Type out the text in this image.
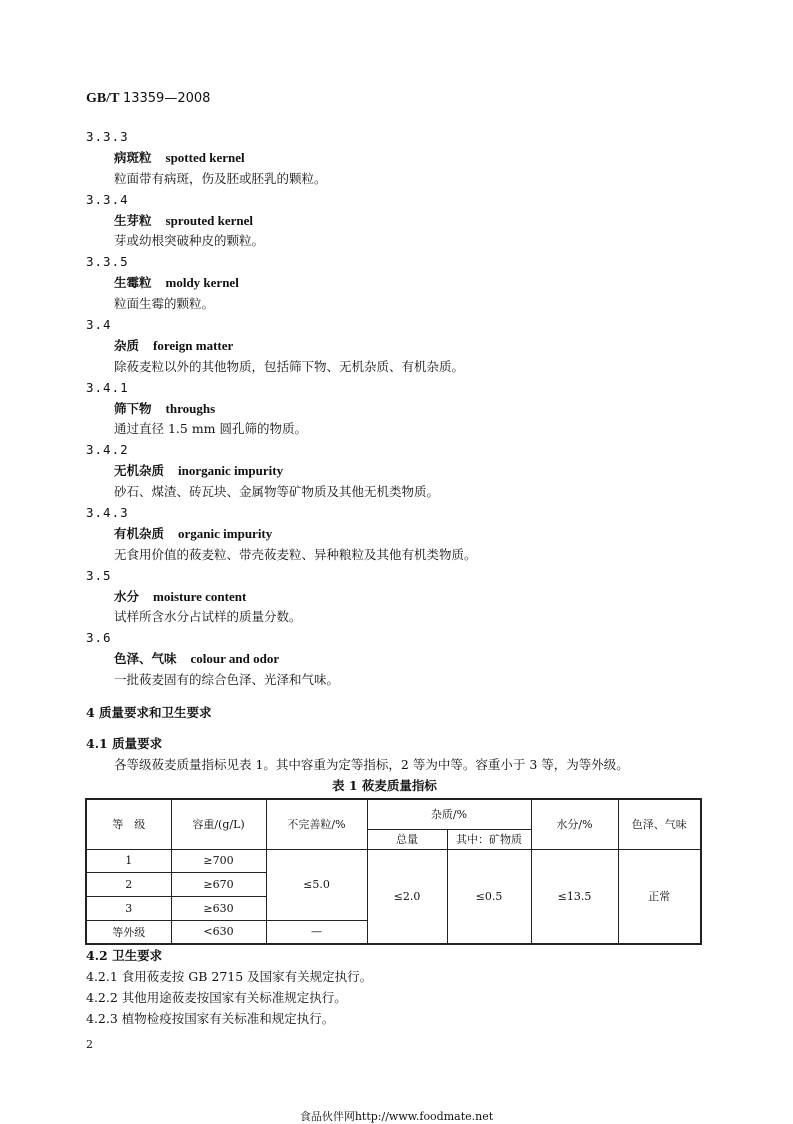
GB/T 13359—2008
3.3.3
病斑粒 spotted kernel
粒面带有病斑，伤及胚或胚乳的颗粒。
3.3.4
生芽粒 sprouted kernel
芽或幼根突破种皮的颗粒。
3.3.5
生霉粒 moldy kernel
粒面生霉的颗粒。
3.4
杂质 foreign matter
除莜麦粒以外的其他物质，包括筛下物、无机杂质、有机杂质。
3.4.1
筛下物 throughs
通过直径 1.5 mm 圆孔筛的物质。
3.4.2
无机杂质 inorganic impurity
砂石、煤渣、砖瓦块、金属物等矿物质及其他无机类物质。
3.4.3
有机杂质 organic impurity
无食用价值的莜麦粒、带壳莜麦粒、异种粮粒及其他有机类物质。
3.5
水分 moisture content
试样所含水分占试样的质量分数。
3.6
色泽、气味 colour and odor
一批莜麦固有的综合色泽、光泽和气味。
4 质量要求和卫生要求
4.1 质量要求
各等级莜麦质量指标见表 1。其中容重为定等指标，2 等为中等。容重小于 3 等，为等外级。
表 1 莜麦质量指标
等　级	容重/(g/L)	不完善粒/%	杂质/%		水分/%	色泽、气味
			总量	其中：矿物质		
1	≥700	≤5.0	≤2.0	≤0.5	≤13.5	正常
2	≥670					
3	≥630					
等外级	<630	—				
4.2 卫生要求
4.2.1 食用莜麦按 GB 2715 及国家有关规定执行。
4.2.2 其他用途莜麦按国家有关标准规定执行。
4.2.3 植物检疫按国家有关标准和规定执行。
2
食品伙伴网http://www.foodmate.net
